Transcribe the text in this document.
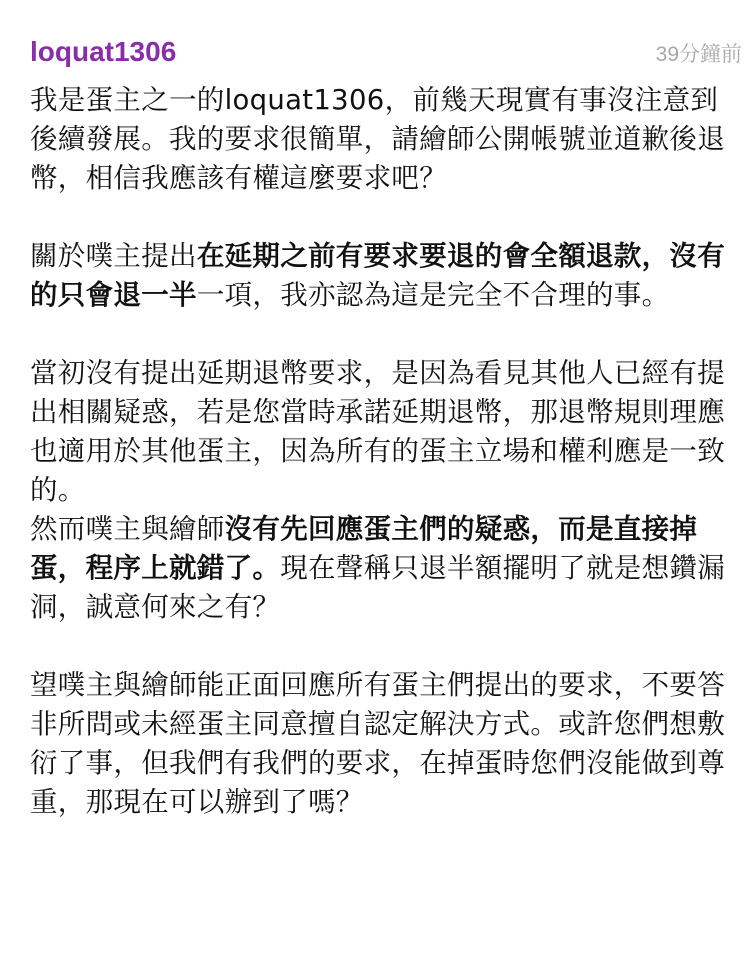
loquat1306	39分鐘前

我是蛋主之一的loquat1306，前幾天現實有事沒注意到後續發展。我的要求很簡單，請繪師公開帳號並道歉後退幣，相信我應該有權這麼要求吧？

關於噗主提出在延期之前有要求要退的會全額退款，沒有的只會退一半一項，我亦認為這是完全不合理的事。

當初沒有提出延期退幣要求，是因為看見其他人已經有提出相關疑惑，若是您當時承諾延期退幣，那退幣規則理應也適用於其他蛋主，因為所有的蛋主立場和權利應是一致的。

然而噗主與繪師沒有先回應蛋主們的疑惑，而是直接掉蛋，程序上就錯了。現在聲稱只退半額擺明了就是想鑽漏洞，誠意何來之有？

望噗主與繪師能正面回應所有蛋主們提出的要求，不要答非所問或未經蛋主同意擅自認定解決方式。或許您們想敷衍了事，但我們有我們的要求，在掉蛋時您們沒能做到尊重，那現在可以辦到了嗎？
